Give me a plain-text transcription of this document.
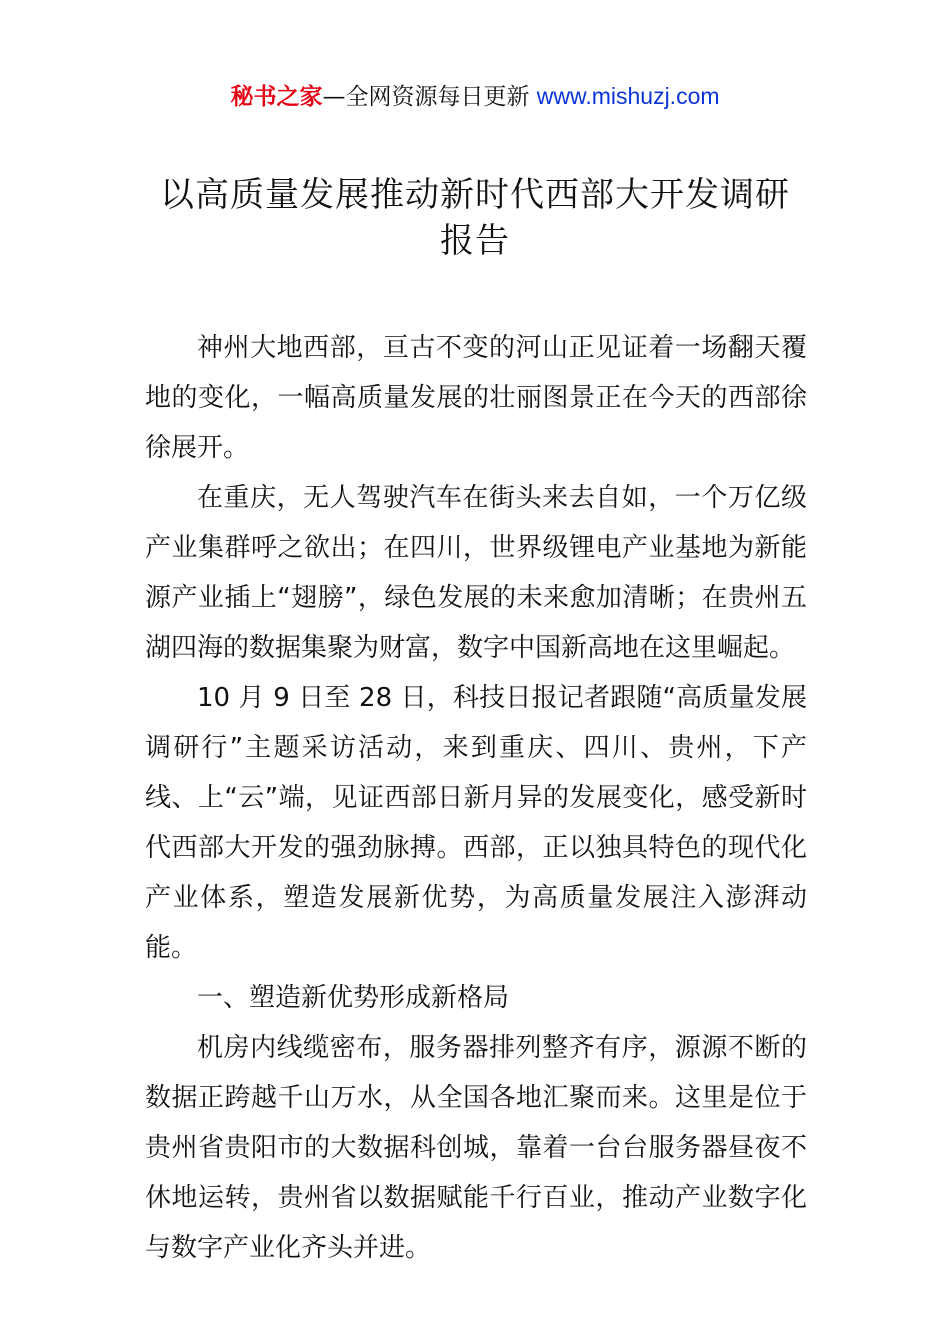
秘书之家—全网资源每日更新 www.mishuzj.com
以高质量发展推动新时代西部大开发调研
报告

神州大地西部，亘古不变的河山正见证着一场翻天覆地的变化，一幅高质量发展的壮丽图景正在今天的西部徐徐展开。

在重庆，无人驾驶汽车在街头来去自如，一个万亿级产业集群呼之欲出；在四川，世界级锂电产业基地为新能源产业插上“翅膀”，绿色发展的未来愈加清晰；在贵州五湖四海的数据集聚为财富，数字中国新高地在这里崛起。

10 月 9 日至 28 日，科技日报记者跟随“高质量发展调研行”主题采访活动，来到重庆、四川、贵州，下产线、上“云”端，见证西部日新月异的发展变化，感受新时代西部大开发的强劲脉搏。西部，正以独具特色的现代化产业体系，塑造发展新优势，为高质量发展注入澎湃动能。

一、塑造新优势形成新格局

机房内线缆密布，服务器排列整齐有序，源源不断的数据正跨越千山万水，从全国各地汇聚而来。这里是位于贵州省贵阳市的大数据科创城，靠着一台台服务器昼夜不休地运转，贵州省以数据赋能千行百业，推动产业数字化与数字产业化齐头并进。
